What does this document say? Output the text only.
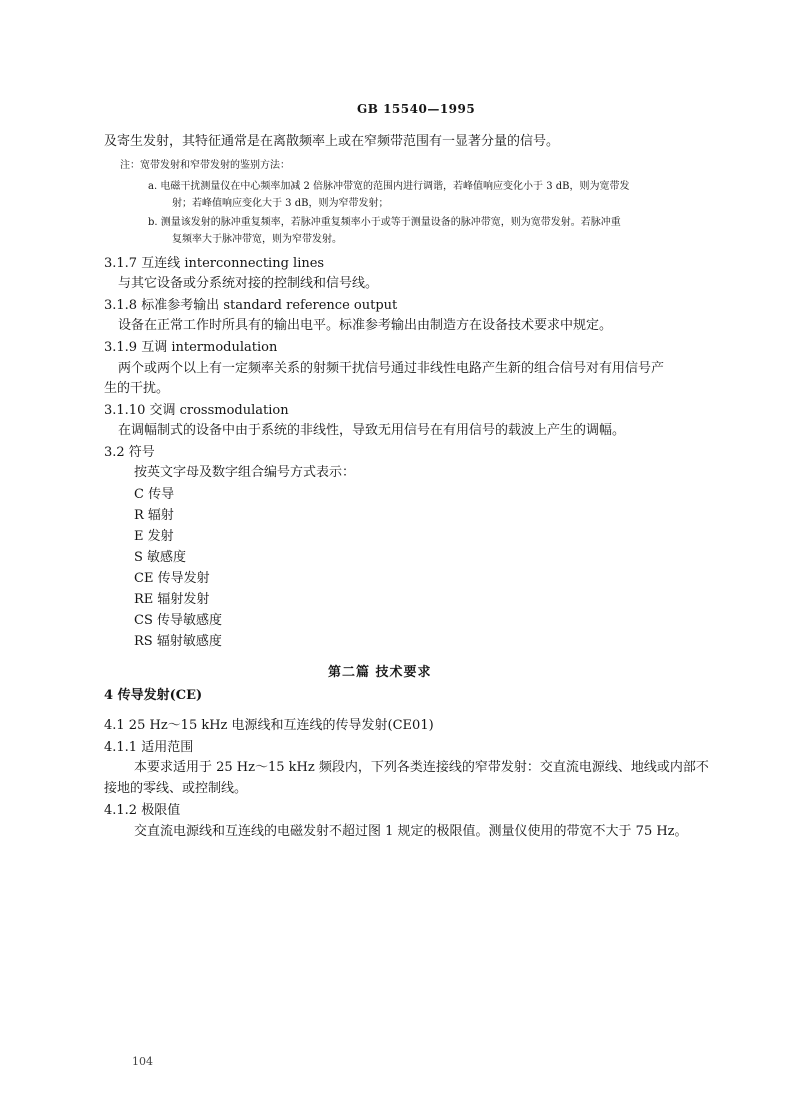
GB 15540—1995
及寄生发射，其特征通常是在离散频率上或在窄频带范围有一显著分量的信号。
注：宽带发射和窄带发射的鉴别方法：
a. 电磁干扰测量仪在中心频率加减 2 倍脉冲带宽的范围内进行调谐，若峰值响应变化小于 3 dB，则为宽带发
射；若峰值响应变化大于 3 dB，则为窄带发射；
b. 测量该发射的脉冲重复频率，若脉冲重复频率小于或等于测量设备的脉冲带宽，则为宽带发射。若脉冲重
复频率大于脉冲带宽，则为窄带发射。
3.1.7 互连线 interconnecting lines
与其它设备或分系统对接的控制线和信号线。
3.1.8 标准参考输出 standard reference output
设备在正常工作时所具有的输出电平。标准参考输出由制造方在设备技术要求中规定。
3.1.9 互调 intermodulation
两个或两个以上有一定频率关系的射频干扰信号通过非线性电路产生新的组合信号对有用信号产
生的干扰。
3.1.10 交调 crossmodulation
在调幅制式的设备中由于系统的非线性，导致无用信号在有用信号的载波上产生的调幅。
3.2 符号
按英文字母及数字组合编号方式表示：
C 传导
R 辐射
E 发射
S 敏感度
CE 传导发射
RE 辐射发射
CS 传导敏感度
RS 辐射敏感度
第二篇 技术要求
4 传导发射(CE)
4.1 25 Hz～15 kHz 电源线和互连线的传导发射(CE01)
4.1.1 适用范围
本要求适用于 25 Hz～15 kHz 频段内，下列各类连接线的窄带发射：交直流电源线、地线或内部不
接地的零线、或控制线。
4.1.2 极限值
交直流电源线和互连线的电磁发射不超过图 1 规定的极限值。测量仪使用的带宽不大于 75 Hz。
104
